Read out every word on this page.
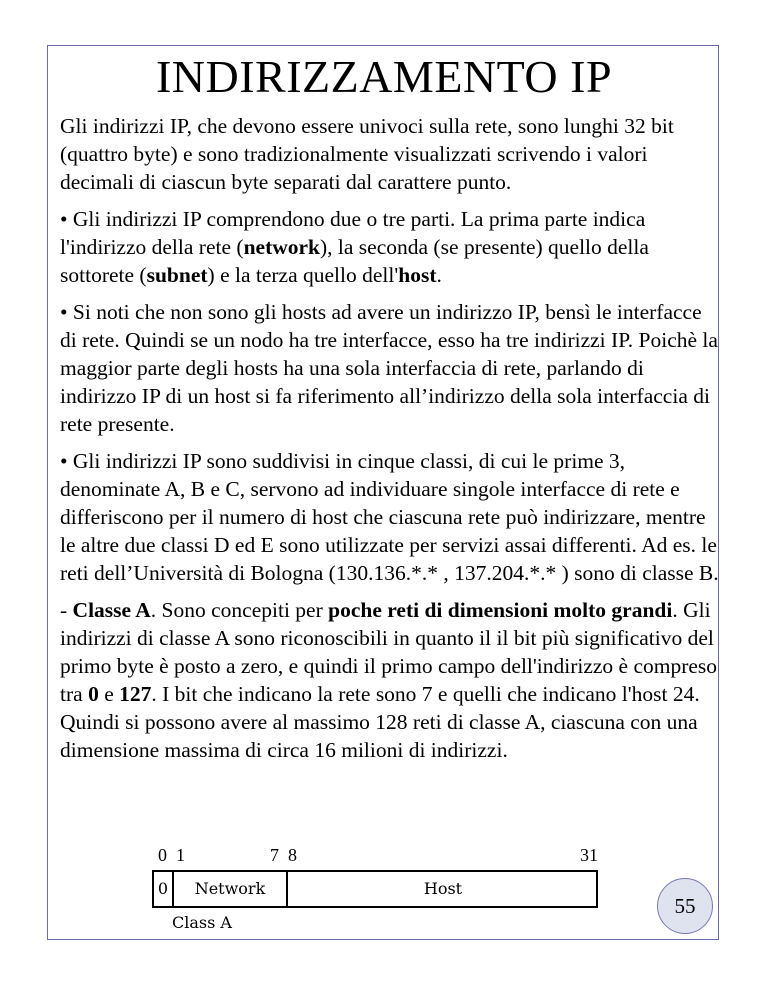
INDIRIZZAMENTO IP

Gli indirizzi IP, che devono essere univoci sulla rete, sono lunghi 32 bit (quattro byte) e sono tradizionalmente visualizzati scrivendo i valori decimali di ciascun byte separati dal carattere punto.

• Gli indirizzi IP comprendono due o tre parti. La prima parte indica l'indirizzo della rete (network), la seconda (se presente) quello della sottorete (subnet) e la terza quello dell'host.

• Si noti che non sono gli hosts ad avere un indirizzo IP, bensì le interfacce di rete. Quindi se un nodo ha tre interfacce, esso ha tre indirizzi IP. Poichè la maggior parte degli hosts ha una sola interfaccia di rete, parlando di indirizzo IP di un host si fa riferimento all’indirizzo della sola interfaccia di rete presente.

• Gli indirizzi IP sono suddivisi in cinque classi, di cui le prime 3, denominate A, B e C, servono ad individuare singole interfacce di rete e differiscono per il numero di host che ciascuna rete può indirizzare, mentre le altre due classi D ed E sono utilizzate per servizi assai differenti. Ad es. le reti dell’Università di Bologna (130.136.*.* , 137.204.*.* ) sono di classe B.

- Classe A. Sono concepiti per poche reti di dimensioni molto grandi. Gli indirizzi di classe A sono riconoscibili in quanto il il bit più significativo del primo byte è posto a zero, e quindi il primo campo dell'indirizzo è compreso tra 0 e 127. I bit che indicano la rete sono 7 e quelli che indicano l'host 24. Quindi si possono avere al massimo 128 reti di classe A, ciascuna con una dimensione massima di circa 16 milioni di indirizzi.

0 1	7 8	31
0	Network	Host
Class A
55
